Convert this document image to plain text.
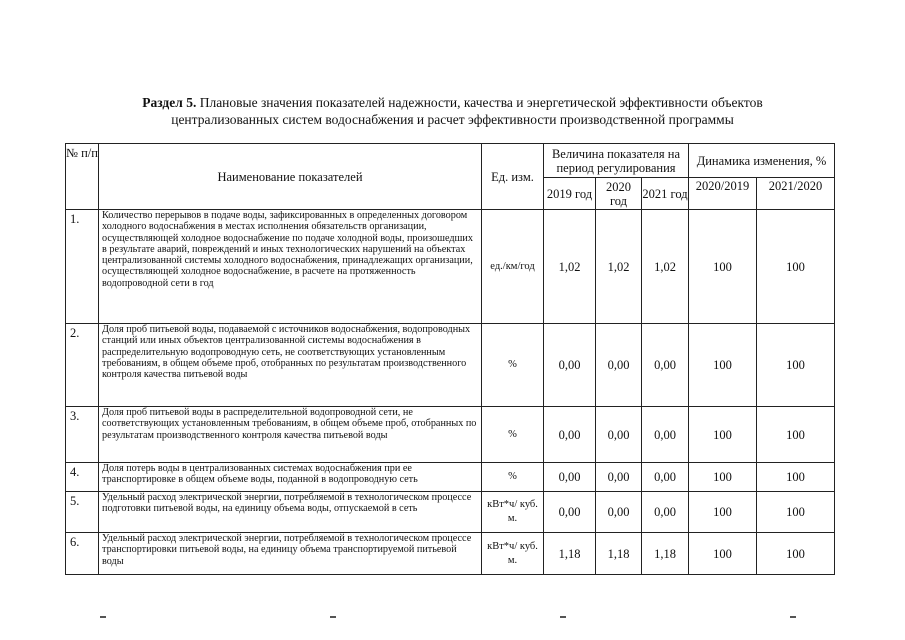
Раздел 5. Плановые значения показателей надежности, качества и энергетической эффективности объектов
централизованных систем водоснабжения и расчет эффективности производственной программы
№ п/п	Наименование показателей	Ед. изм.	Величина показателя на период регулирования			Динамика изменения, %	
			2019 год	2020 год	2021 год	2020/2019	2021/2020
1.	Количество перерывов в подаче воды, зафиксированных в определенных договором холодного водоснабжения в местах исполнения обязательств организации, осуществляющей холодное водоснабжение по подаче холодной воды, произошедших в результате аварий, повреждений и иных технологических нарушений на объектах централизованной системы холодного водоснабжения, принадлежащих организации, осуществляющей холодное водоснабжение, в расчете на протяженность водопроводной сети в год	ед./км/год	1,02	1,02	1,02	100	100
2.	Доля проб питьевой воды, подаваемой с источников водоснабжения, водопроводных станций или иных объектов централизованной системы водоснабжения в распределительную водопроводную сеть, не соответствующих установленным требованиям, в общем объеме проб, отобранных по результатам производственного контроля качества питьевой воды	%	0,00	0,00	0,00	100	100
3.	Доля проб питьевой воды в распределительной водопроводной сети, не соответствующих установленным требованиям, в общем объеме проб, отобранных по результатам производственного контроля качества питьевой воды	%	0,00	0,00	0,00	100	100
4.	Доля потерь воды в централизованных системах водоснабжения при ее транспортировке в общем объеме воды, поданной в водопроводную сеть	%	0,00	0,00	0,00	100	100
5.	Удельный расход электрической энергии, потребляемой в технологическом процессе подготовки питьевой воды, на единицу объема воды, отпускаемой в сеть	кВт*ч/ куб. м.	0,00	0,00	0,00	100	100
6.	Удельный расход электрической энергии, потребляемой в технологическом процессе транспортировки питьевой воды, на единицу объема транспортируемой питьевой воды	кВт*ч/ куб. м.	1,18	1,18	1,18	100	100
